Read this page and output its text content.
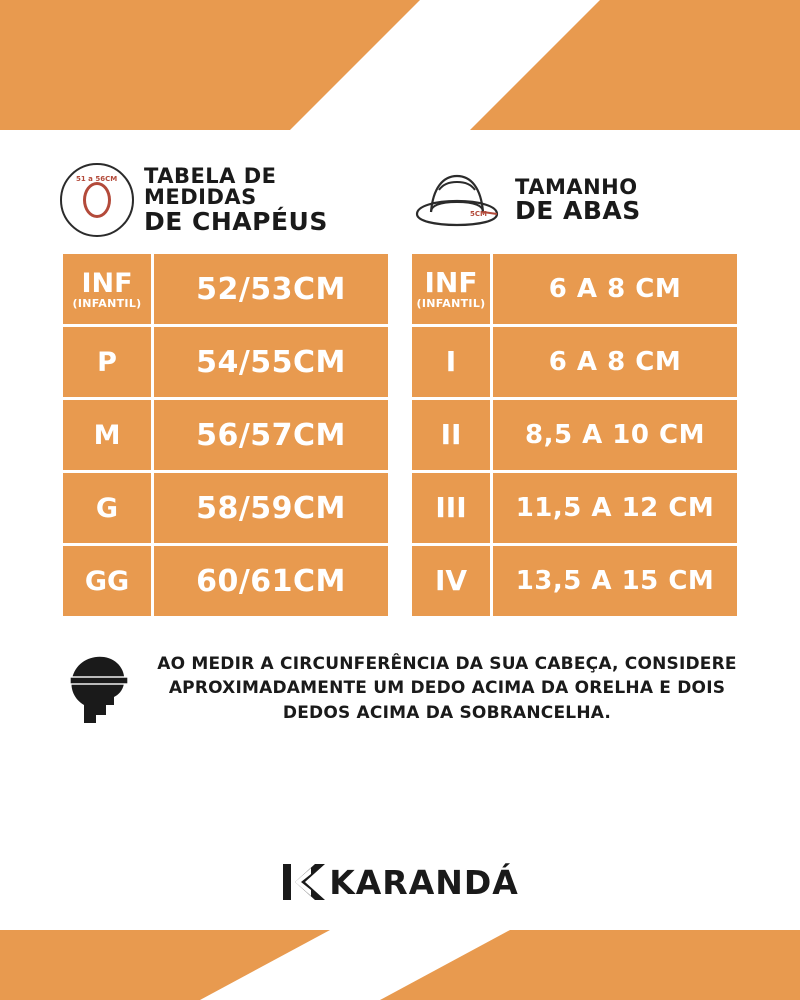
51 a 56CM TABELA DE MEDIDAS
DE CHAPÉUS
INF
(INFANTIL)	52/53CM
P	54/55CM
M	56/57CM
G	58/59CM
GG	60/61CM
5CM
TAMANHO
DE ABAS
INF
(INFANTIL)	6 A 8 CM
I	6 A 8 CM
II	8,5 A 10 CM
III	11,5 A 12 CM
IV	13,5 A 15 CM

AO MEDIR A CIRCUNFERÊNCIA DA SUA CABEÇA, CONSIDERE APROXIMADAMENTE UM DEDO ACIMA DA ORELHA E DOIS DEDOS ACIMA DA SOBRANCELHA.

KARANDÁ
